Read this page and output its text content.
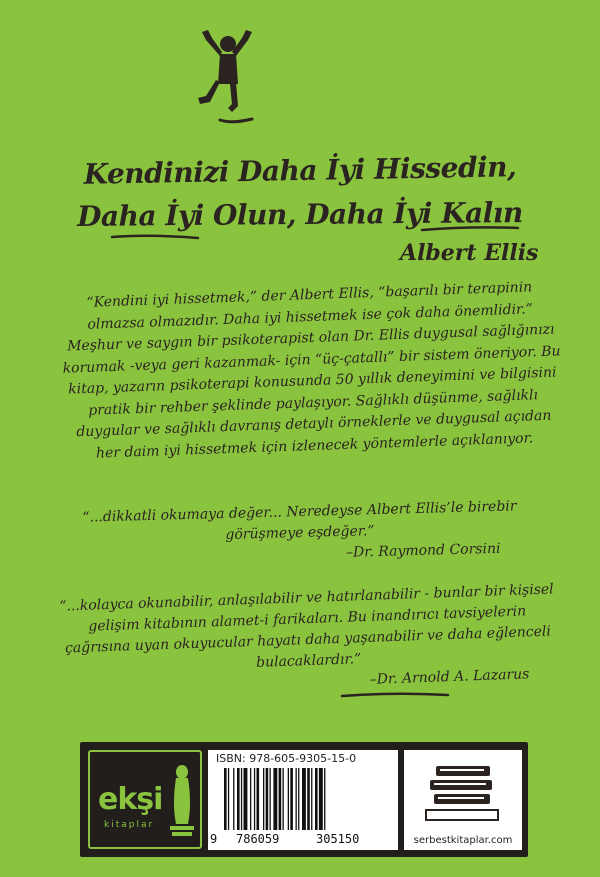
Kendinizi Daha İyi Hissedin,
Daha İyi Olun, Daha İyi Kalın
Albert Ellis
“Kendini iyi hissetmek,” der Albert Ellis, “başarılı bir terapinin olmazsa olmazıdır. Daha iyi hissetmek ise çok daha önemlidir.” Meşhur ve saygın bir psikoterapist olan Dr. Ellis duygusal sağlığınızı korumak -veya geri kazanmak- için “üç-çatallı” bir sistem öneriyor. Bu kitap, yazarın psikoterapi konusunda 50 yıllık deneyimini ve bilgisini pratik bir rehber şeklinde paylaşıyor. Sağlıklı düşünme, sağlıklı duygular ve sağlıklı davranış detaylı örneklerle ve duygusal açıdan her daim iyi hissetmek için izlenecek yöntemlerle açıklanıyor.
“...dikkatli okumaya değer... Neredeyse Albert Ellis’le birebir görüşmeye eşdeğer.”
–Dr. Raymond Corsini
“...kolayca okunabilir, anlaşılabilir ve hatırlanabilir - bunlar bir kişisel gelişim kitabının alamet-i farikaları. Bu inandırıcı tavsiyelerin çağrısına uyan okuyucular hayatı daha yaşanabilir ve daha eğlenceli bulacaklardır.”
–Dr. Arnold A. Lazarus
ekşi
kitaplar
ISBN: 978-605-9305-15-0
9 786059	305150	serbestkitaplar.com
